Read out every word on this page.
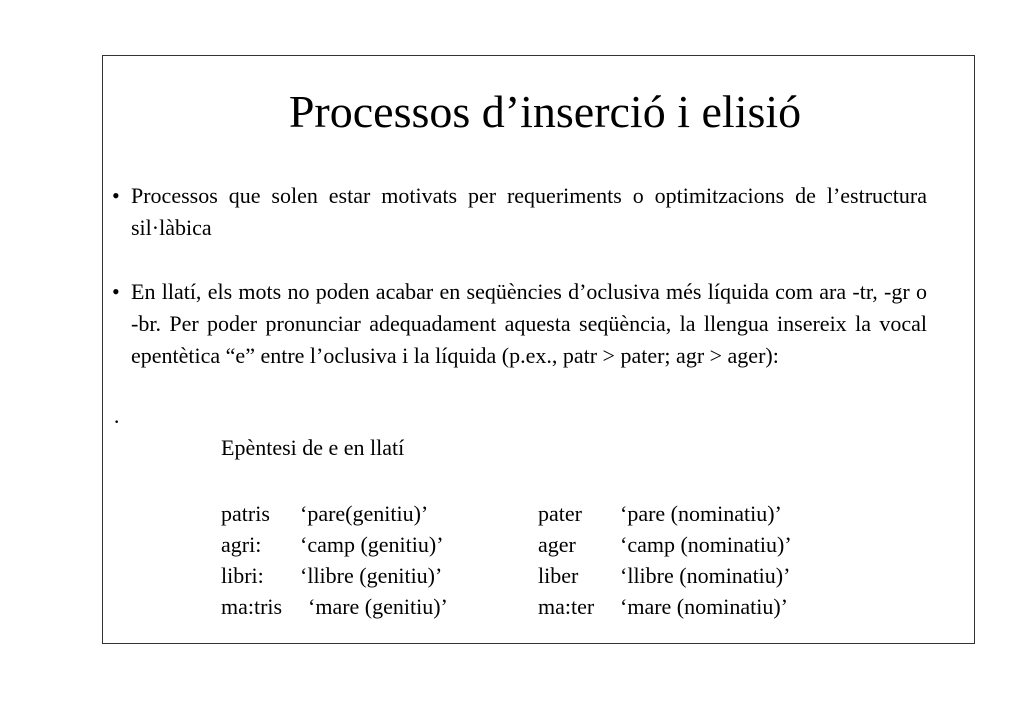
Processos d’inserció i elisió
• Processos que solen estar motivats per requeriments o optimitzacions de l’estructura sil·làbica

• En llatí, els mots no poden acabar en seqüències d’oclusiva més líquida com ara -tr, -gr o -br. Per poder pronunciar adequadament aquesta seqüència, la llengua insereix la vocal epentètica “e” entre l’oclusiva i la líquida (p.ex., patr > pater; agr > ager):

·
Epèntesi de e en llatí
patris ‘pare(genitiu)’	pater ‘pare (nominatiu)’
agri: ‘camp (genitiu)’	ager ‘camp (nominatiu)’
libri: ‘llibre (genitiu)’	liber ‘llibre (nominatiu)’
ma:tris ‘mare (genitiu)’	ma:ter ‘mare (nominatiu)’
